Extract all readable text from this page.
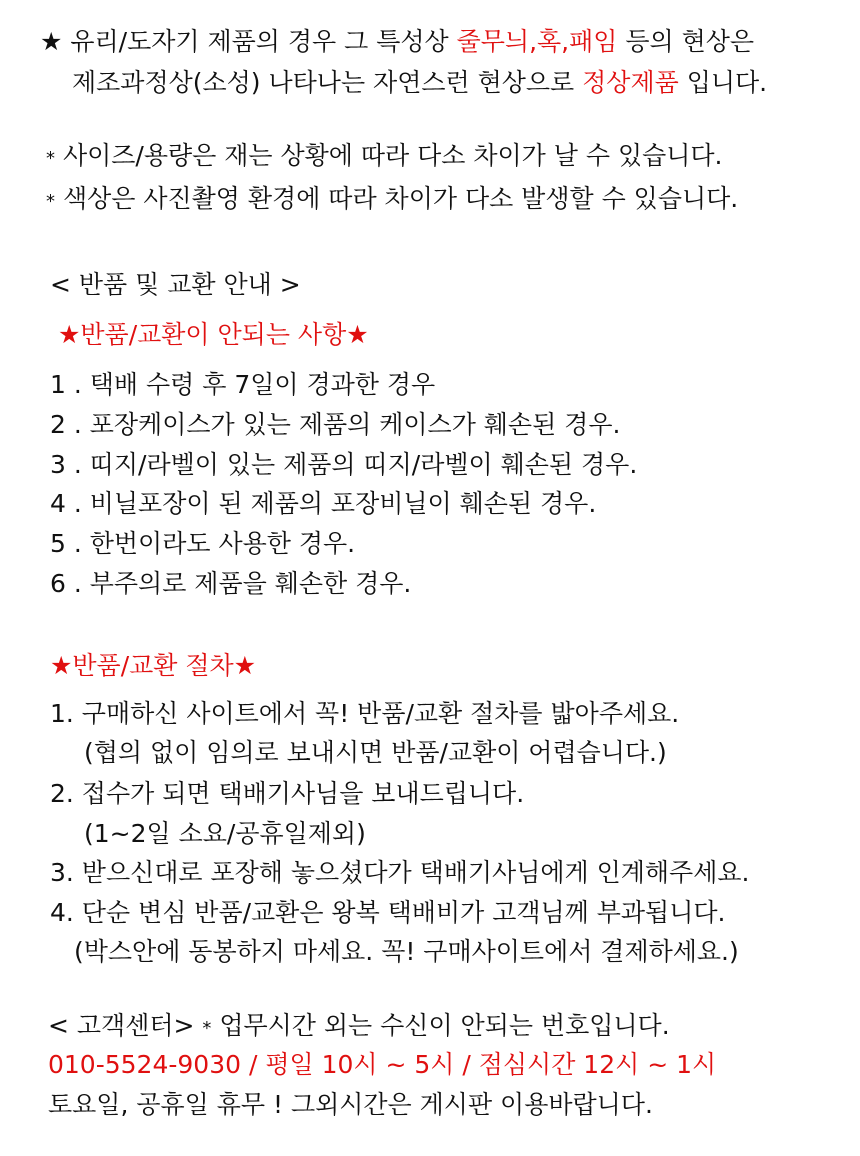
★ 유리/도자기 제품의 경우 그 특성상 줄무늬,혹,패임 등의 현상은
제조과정상(소성) 나타나는 자연스런 현상으로 정상제품 입니다.
* 사이즈/용량은 재는 상황에 따라 다소 차이가 날 수 있습니다.
* 색상은 사진촬영 환경에 따라 차이가 다소 발생할 수 있습니다.
< 반품 및 교환 안내 >
★반품/교환이 안되는 사항★
1 . 택배 수령 후 7일이 경과한 경우
2 . 포장케이스가 있는 제품의 케이스가 훼손된 경우.
3 . 띠지/라벨이 있는 제품의 띠지/라벨이 훼손된 경우.
4 . 비닐포장이 된 제품의 포장비닐이 훼손된 경우.
5 . 한번이라도 사용한 경우.
6 . 부주의로 제품을 훼손한 경우.
★반품/교환 절차★
1. 구매하신 사이트에서 꼭! 반품/교환 절차를 밟아주세요.
(협의 없이 임의로 보내시면 반품/교환이 어렵습니다.)
2. 접수가 되면 택배기사님을 보내드립니다.
(1~2일 소요/공휴일제외)
3. 받으신대로 포장해 놓으셨다가 택배기사님에게 인계해주세요.
4. 단순 변심 반품/교환은 왕복 택배비가 고객님께 부과됩니다.
(박스안에 동봉하지 마세요. 꼭! 구매사이트에서 결제하세요.)
< 고객센터> * 업무시간 외는 수신이 안되는 번호입니다.
010-5524-9030 / 평일 10시 ~ 5시 / 점심시간 12시 ~ 1시
토요일, 공휴일 휴무 ! 그외시간은 게시판 이용바랍니다.
